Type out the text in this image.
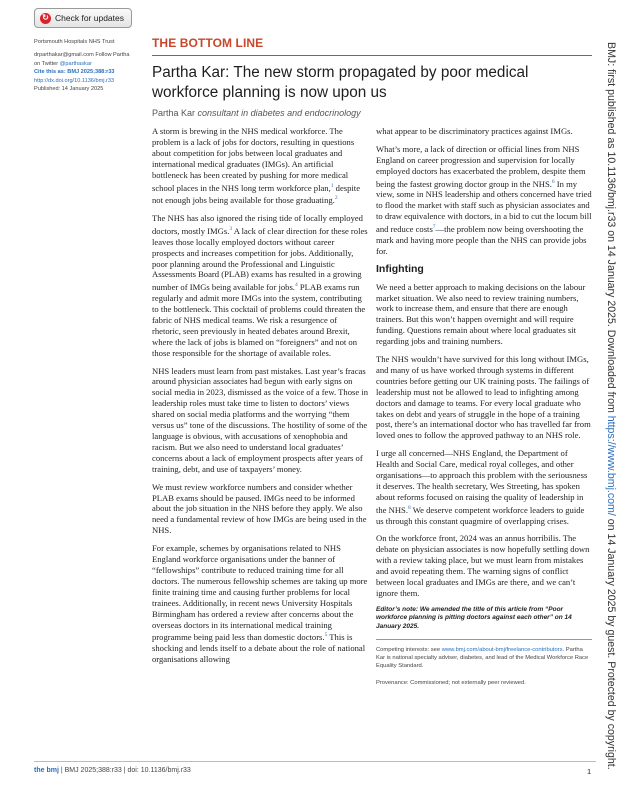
↻ Check for updates
Portsmouth Hospitals NHS Trust
drparthakar@gmail.com Follow Partha
on Twitter @parthaskar
Cite this as: BMJ 2025;388:r33
http://dx.doi.org/10.1136/bmj.r33
Published: 14 January 2025
THE BOTTOM LINE
Partha Kar: The new storm propagated by poor medical workforce planning is now upon us
Partha Kar consultant in diabetes and endocrinology

A storm is brewing in the NHS medical workforce. The problem is a lack of jobs for doctors, resulting in questions about competition for jobs between local graduates and international medical graduates (IMGs). An artificial bottleneck has been created by pushing for more medical school places in the NHS long term workforce plan,$^1$ despite not enough jobs being available for those graduating.$^2$

The NHS has also ignored the rising tide of locally employed doctors, mostly IMGs.$^3$ A lack of clear direction for these roles leaves those locally employed doctors without career prospects and increases competition for jobs. Additionally, poor planning around the Professional and Linguistic Assessments Board (PLAB) exams has resulted in a growing number of IMGs being available for jobs.$^4$ PLAB exams run regularly and admit more IMGs into the system, contributing to the bottleneck. This cocktail of problems could threaten the fabric of NHS medical teams. We risk a resurgence of rhetoric, seen previously in heated debates around Brexit, where the lack of jobs is blamed on “foreigners” and not on those responsible for the shortage of available roles.

NHS leaders must learn from past mistakes. Last year’s fracas around physician associates had begun with early signs on social media in 2023, dismissed as the voice of a few. Those in leadership roles must take time to listen to doctors’ views shared on social media platforms and the worrying “them versus us” tone of the discussions. The hostility of some of the language is obvious, with accusations of xenophobia and racism. But we also need to understand local graduates’ concerns about a lack of employment prospects after years of training, debt, and use of taxpayers’ money.

We must review workforce numbers and consider whether PLAB exams should be paused. IMGs need to be informed about the job situation in the NHS before they apply. We also need a fundamental review of how IMGs are being used in the NHS.

For example, schemes by organisations related to NHS England workforce organisations under the banner of “fellowships” contribute to reduced training time for all doctors. The numerous fellowship schemes are taking up more finite training time and causing further problems for local trainees. Additionally, in recent news University Hospitals Birmingham has ordered a review after concerns about the overseas doctors in its international medical training programme being paid less than domestic doctors.$^5$ This is shocking and lends itself to a debate about the role of national organisations allowing

what appear to be discriminatory practices against IMGs.

What’s more, a lack of direction or official lines from NHS England on career progression and supervision for locally employed doctors has exacerbated the problem, despite them being the fastest growing doctor group in the NHS.$^6$ In my view, some in NHS leadership and others concerned have tried to flood the market with staff such as physician associates and to draw equivalence with doctors, in a bid to cut the locum bill and reduce costs$^7$—the problem now being overshooting the mark and having more people than the NHS can provide jobs for.

Infighting

We need a better approach to making decisions on the labour market situation. We also need to review training numbers, work to increase them, and ensure that there are enough trainers. But this won’t happen overnight and will require funding. Questions remain about where local graduates sit regarding jobs and training numbers.

The NHS wouldn’t have survived for this long without IMGs, and many of us have worked through systems in different countries before getting our UK training posts. The failings of leadership must not be allowed to lead to infighting among doctors and damage to teams. For every local graduate who takes on debt and years of struggle in the hope of a training post, there’s an international doctor who has travelled far from loved ones to follow the approved pathway to an NHS role.

I urge all concerned—NHS England, the Department of Health and Social Care, medical royal colleges, and other organisations—to approach this problem with the seriousness it deserves. The health secretary, Wes Streeting, has spoken about reforms focused on raising the quality of leadership in the NHS.$^8$ We deserve competent workforce leaders to guide us through this constant quagmire of overlapping crises.

On the workforce front, 2024 was an annus horribilis. The debate on physician associates is now hopefully settling down with a review taking place, but we must learn from mistakes and avoid repeating them. The warning signs of conflict between local graduates and IMGs are there, and we can’t ignore them.

Editor’s note: We amended the title of this article from “Poor workforce planning is pitting doctors against each other” on 14 January 2025.
Competing interests: see www.bmj.com/about-bmj/freelance-contributors. Partha Kar is national specialty adviser, diabetes, and lead of the Medical Workforce Race Equality Standard.
Provenance: Commissioned; not externally peer reviewed.
BMJ: first published as 10.1136/bmj.r33 on 14 January 2025. Downloaded from https://www.bmj.com/ on 14 January 2025 by guest. Protected by copyright.
the bmj | BMJ 2025;388:r33 | doi: 10.1136/bmj.r33	1
